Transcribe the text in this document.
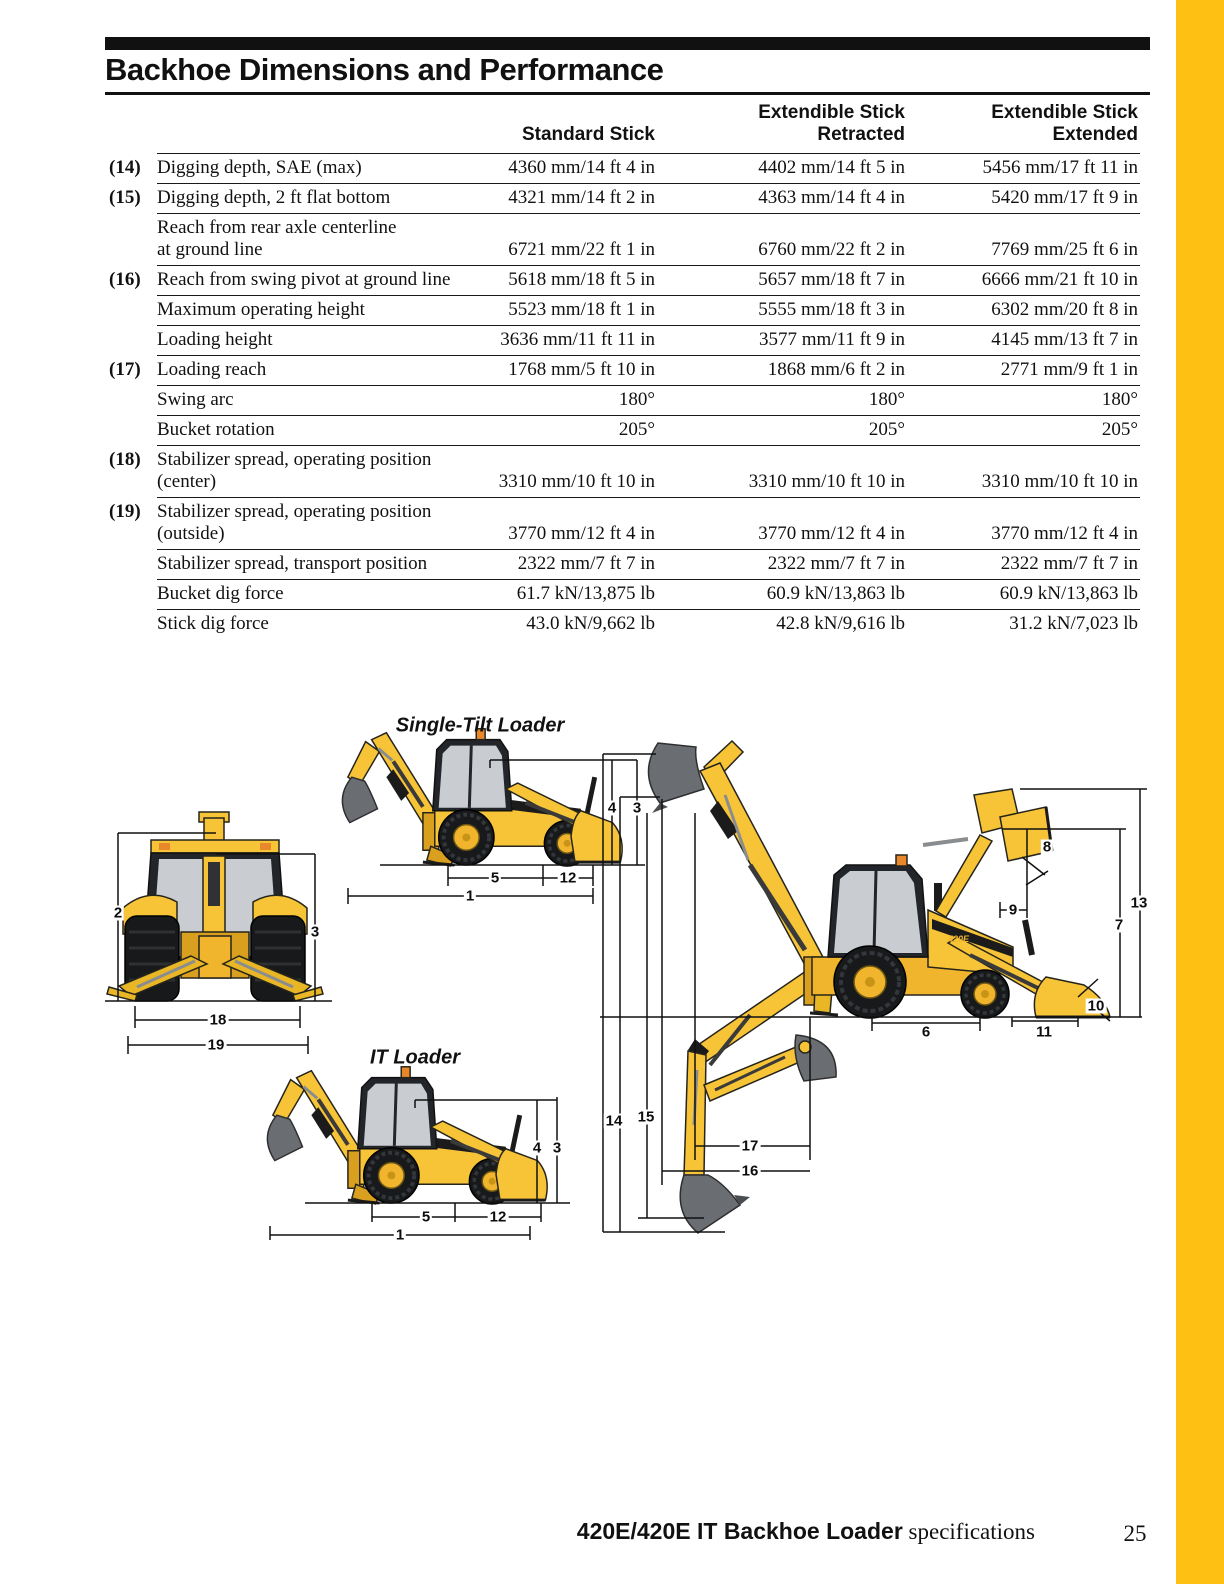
Backhoe Dimensions and Performance

Standard Stick

Extendible Stick
Retracted

Extendible Stick
Extended

(14)	Digging depth, SAE (max)	4360 mm/14 ft 4 in	4402 mm/14 ft 5 in	5456 mm/17 ft 11 in
(15)	Digging depth, 2 ft flat bottom	4321 mm/14 ft 2 in	4363 mm/14 ft 4 in	5420 mm/17 ft 9 in

	Reach from rear axle centerline
at ground line	6721 mm/22 ft 1 in	6760 mm/22 ft 2 in	7769 mm/25 ft 6 in
(16)	Reach from swing pivot at ground line	5618 mm/18 ft 5 in	5657 mm/18 ft 7 in	6666 mm/21 ft 10 in

	Maximum operating height	5523 mm/18 ft 1 in	5555 mm/18 ft 3 in	6302 mm/20 ft 8 in

	Loading height	3636 mm/11 ft 11 in	3577 mm/11 ft 9 in	4145 mm/13 ft 7 in
(17)	Loading reach	1768 mm/5 ft 10 in	1868 mm/6 ft 2 in	2771 mm/9 ft 1 in

	Swing arc	180°	180°	180°

	Bucket rotation	205°	205°	205°
(18)	Stabilizer spread, operating position
(center)	3310 mm/10 ft 10 in	3310 mm/10 ft 10 in	3310 mm/10 ft 10 in
(19)	Stabilizer spread, operating position
(outside)	3770 mm/12 ft 4 in	3770 mm/12 ft 4 in	3770 mm/12 ft 4 in

	Stabilizer spread, transport position	2322 mm/7 ft 7 in	2322 mm/7 ft 7 in	2322 mm/7 ft 7 in

	Bucket dig force	61.7 kN/13,875 lb	60.9 kN/13,863 lb	60.9 kN/13,863 lb

	Stick dig force	43.0 kN/9,662 lb	42.8 kN/9,616 lb	31.2 kN/7,023 lb
2
3
18
19
Single-Tilt Loader
4 3
5	12
1
IT Loader
4 3
5	12
1
420E
8
9	13
7
10
11
6
14 15
17
16
420E/420E IT Backhoe Loader specifications	25
